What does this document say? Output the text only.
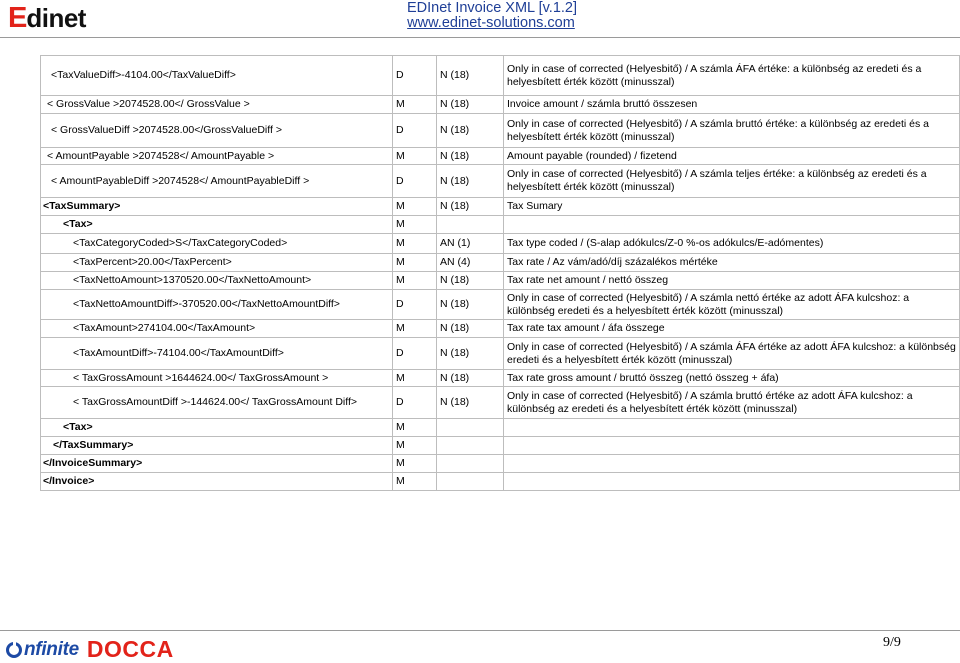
E dinet	EDInet Invoice XML [v.1.2]
www.edinet-solutions.com
<TaxValueDiff>-4104.00</TaxValueDiff>	D	N (18)	Only in case of corrected (Helyesbitő) / A számla ÁFA értéke: a különbség az eredeti és a helyesbített érték között (minusszal)
< GrossValue >2074528.00</ GrossValue >	M	N (18)	Invoice amount / számla bruttó összesen
< GrossValueDiff >2074528.00</GrossValueDiff >	D	N (18)	Only in case of corrected (Helyesbitő) / A számla bruttó értéke: a különbség az eredeti és a helyesbített érték között (minusszal)
< AmountPayable >2074528</ AmountPayable >	M	N (18)	Amount payable (rounded) / fizetend
< AmountPayableDiff >2074528</ AmountPayableDiff >	D	N (18)	Only in case of corrected (Helyesbitő) / A számla teljes értéke: a különbség az eredeti és a helyesbített érték között (minusszal)
<TaxSummary>	M	N (18)	Tax Sumary
<Tax>	M		
<TaxCategoryCoded>S</TaxCategoryCoded>	M	AN (1)	Tax type coded / (S-alap adókulcs/Z-0 %-os adókulcs/E-adómentes)
<TaxPercent>20.00</TaxPercent>	M	AN (4)	Tax rate / Az vám/adó/díj százalékos mértéke
<TaxNettoAmount>1370520.00</TaxNettoAmount>	M	N (18)	Tax rate net amount / nettó összeg
<TaxNettoAmountDiff>-370520.00</TaxNettoAmountDiff>	D	N (18)	Only in case of corrected (Helyesbitő) / A számla nettó értéke az adott ÁFA kulcshoz: a különbség eredeti és a helyesbített érték között (minusszal)
<TaxAmount>274104.00</TaxAmount>	M	N (18)	Tax rate tax amount / áfa összege
<TaxAmountDiff>-74104.00</TaxAmountDiff>	D	N (18)	Only in case of corrected (Helyesbitő) / A számla ÁFA értéke az adott ÁFA kulcshoz: a különbség eredeti és a helyesbített érték között (minusszal)
< TaxGrossAmount >1644624.00</ TaxGrossAmount >	M	N (18)	Tax rate gross amount / bruttó összeg (nettó összeg + áfa)
< TaxGrossAmountDiff >-144624.00</ TaxGrossAmount Diff>	D	N (18)	Only in case of corrected (Helyesbitő) / A számla bruttó értéke az adott ÁFA kulcshoz: a különbség az eredeti és a helyesbített érték között (minusszal)
<Tax>	M		
</TaxSummary>	M		
</InvoiceSummary>	M		
</Invoice>	M		
nfinite DOCCA	9/9
